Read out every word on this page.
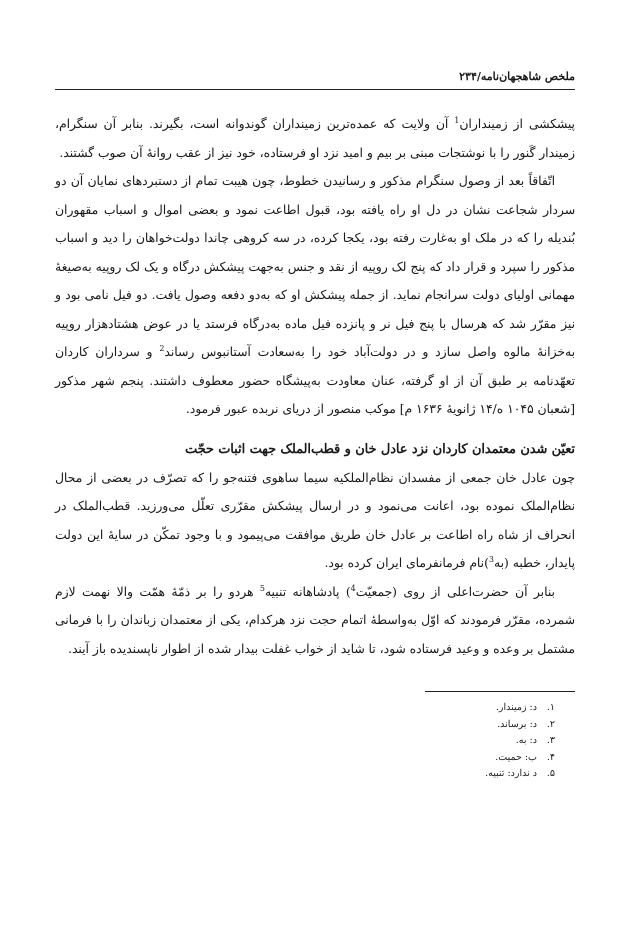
ملخص شاهجهان‌نامه/۲۳۴

پیشکشی از زمینداران$^1$ آن ولایت که عمده‌ترین زمینداران گوندوانه است، بگیرند. بنابر آن سنگرام، زمیندار گَنور را با نوشتجات مبنی بر بیم و امید نزد او فرستاده، خود نیز از عقب روانهٔ آن صوب گشتند.

اتّفاقاً بعد از وصول سنگرام مذکور و رسانیدن خطوط، چون هیبت تمام از دستبردهای نمایان آن دو سردار شجاعت نشان در دل او راه یافته بود، قبول اطاعت نمود و بعضی اموال و اسباب مقهوران بُندیله را که در ملک او به‌غارت رفته بود، یکجا کرده، در سه کروهی چاندا دولت‌خواهان را دید و اسباب مذکور را سپرد و قرار داد که پنج لک روپیه از نقد و جنس به‌جهت پیشکش درگاه و یک لک روپیه به‌صیغهٔ مهمانی اولیای دولت سرانجام نماید. از جمله پیشکش او که به‌دو دفعه وصول یافت. دو فیل نامی بود و نیز مقرّر شد که هرسال با پنج فیل نر و پانزده فیل ماده به‌درگاه فرستد یا در عوض هشتادهزار روپیه به‌خزانهٔ مالوه واصل سازد و در دولت‌آباد خود را به‌سعادت آستانبوس رساند$^2$ و سرداران کاردان تعهّدنامه بر طبق آن از او گرفته، عنان معاودت به‌پیشگاه حضور معطوف داشتند. پنجم شهر مذکور [شعبان ۱۰۴۵ ه/۱۴ ژانویهٔ ۱۶۳۶ م] موکب منصور از دریای نربده عبور فرمود.

تعیّن شدن معتمدان کاردان نزد عادل خان و قطب‌الملک جهت اثبات حجّت

چون عادل خان جمعی از مفسدان نظام‌الملکیه سیما ساهوی فتنه‌جو را که تصرّف در بعضی از محال نظام‌الملک نموده بود، اعانت می‌نمود و در ارسال پیشکش مقرّری تعلّل می‌ورزید. قطب‌الملک در انحراف از شاه راه اطاعت بر عادل خان طریق موافقت می‌پیمود و با وجود تمکّن در سایهٔ این دولت پایدار، خطبه (به$^3$)نام فرمانفرمای ایران کرده بود.

بنابر آن حضرت‌اعلی از روی (جمعیّت$^4$) پادشاهانه تنبیه$^5$ هردو را بر ذمّهٔ همّت والا نهمت لازم شمرده، مقرّر فرمودند که اوّل به‌واسطهٔ اتمام حجت نزد هرکدام، یکی از معتمدان زباندان را با فرمانی مشتمل بر وعده و وعید فرستاده شود، تا شاید از خواب غفلت بیدار شده از اطوار ناپسندیده باز آیند.

۱.د: زمیندار.
۲.د: برساند.
۳.د: به.
۴.ب: حمیت.
۵.د ندارد: تنبیه.
